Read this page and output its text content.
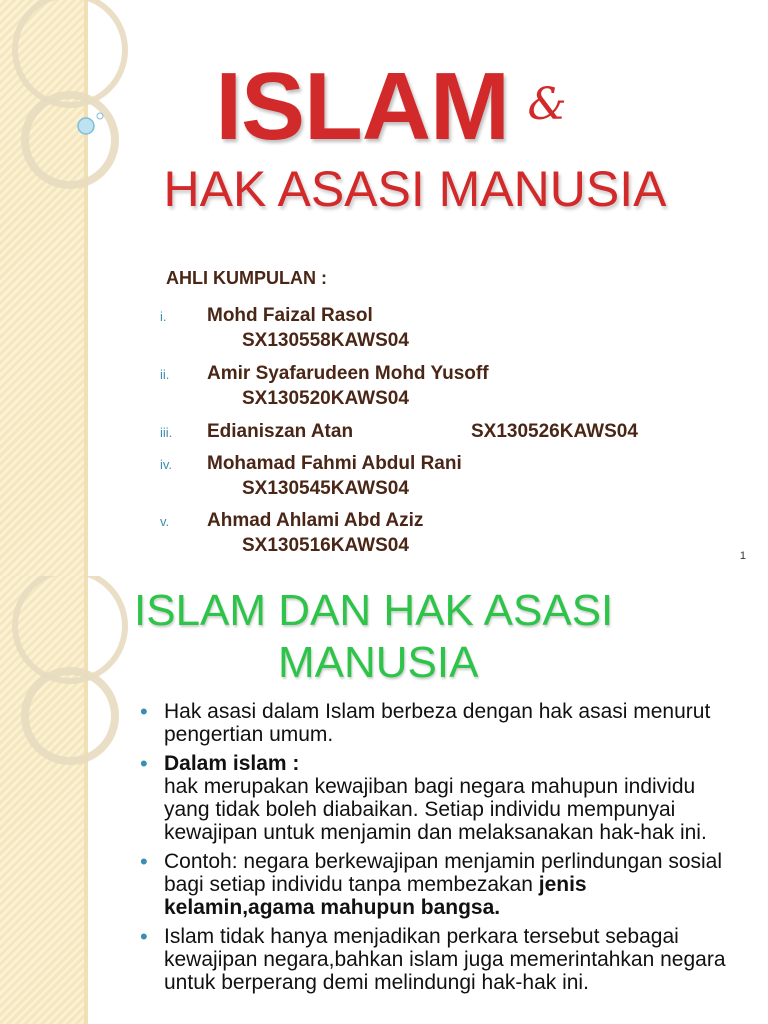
ISLAM &
HAK ASASI MANUSIA
AHLI KUMPULAN :
i. Mohd Faizal Rasol
SX130558KAWS04
ii. Amir Syafarudeen Mohd Yusoff
SX130520KAWS04
iii. Edianiszan Atan	SX130526KAWS04
iv. Mohamad Fahmi Abdul Rani
SX130545KAWS04
v. Ahmad Ahlami Abd Aziz
SX130516KAWS04	1
ISLAM DAN HAK ASASI
MANUSIA
• Hak asasi dalam Islam berbeza dengan hak asasi menurut pengertian umum.
• Dalam islam :
hak merupakan kewajiban bagi negara mahupun individu yang tidak boleh diabaikan. Setiap individu mempunyai kewajipan untuk menjamin dan melaksanakan hak-hak ini.
• Contoh: negara berkewajipan menjamin perlindungan sosial bagi setiap individu tanpa membezakan jenis kelamin,agama mahupun bangsa.
• Islam tidak hanya menjadikan perkara tersebut sebagai kewajipan negara,bahkan islam juga memerintahkan negara untuk berperang demi melindungi hak-hak ini.
